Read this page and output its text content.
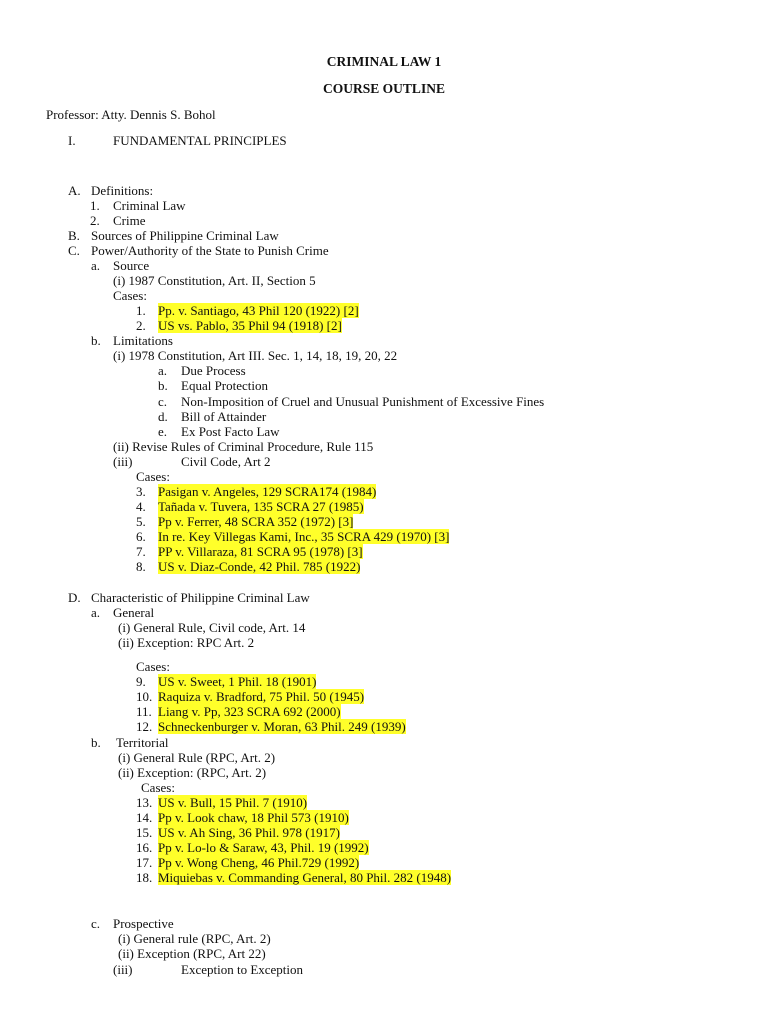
CRIMINAL LAW 1
COURSE OUTLINE
Professor: Atty. Dennis S. Bohol
I.	FUNDAMENTAL PRINCIPLES
A. Definitions:
1. Criminal Law
2. Crime
B. Sources of Philippine Criminal Law
C. Power/Authority of the State to Punish Crime
a. Source
(i) 1987 Constitution, Art. II, Section 5
Cases:
1. Pp. v. Santiago, 43 Phil 120 (1922) [2]
2. US vs. Pablo, 35 Phil 94 (1918) [2]
b. Limitations
(i) 1978 Constitution, Art III. Sec. 1, 14, 18, 19, 20, 22
a. Due Process
b. Equal Protection
c. Non-Imposition of Cruel and Unusual Punishment of Excessive Fines
d. Bill of Attainder
e. Ex Post Facto Law
(ii) Revise Rules of Criminal Procedure, Rule 115
(iii)	Civil Code, Art 2
Cases:
3. Pasigan v. Angeles, 129 SCRA174 (1984)
4. Tañada v. Tuvera, 135 SCRA 27 (1985)
5. Pp v. Ferrer, 48 SCRA 352 (1972) [3]
6. In re. Key Villegas Kami, Inc., 35 SCRA 429 (1970) [3]
7. PP v. Villaraza, 81 SCRA 95 (1978) [3]
8. US v. Diaz-Conde, 42 Phil. 785 (1922)
D. Characteristic of Philippine Criminal Law
a. General
(i) General Rule, Civil code, Art. 14
(ii) Exception: RPC Art. 2
Cases:
9. US v. Sweet, 1 Phil. 18 (1901)
10. Raquiza v. Bradford, 75 Phil. 50 (1945)
11. Liang v. Pp, 323 SCRA 692 (2000)
12. Schneckenburger v. Moran, 63 Phil. 249 (1939)
b. Territorial
(i) General Rule (RPC, Art. 2)
(ii) Exception: (RPC, Art. 2)
Cases:
13. US v. Bull, 15 Phil. 7 (1910)
14. Pp v. Look chaw, 18 Phil 573 (1910)
15. US v. Ah Sing, 36 Phil. 978 (1917)
16. Pp v. Lo-lo & Saraw, 43, Phil. 19 (1992)
17. Pp v. Wong Cheng, 46 Phil.729 (1992)
18. Miquiebas v. Commanding General, 80 Phil. 282 (1948)
c. Prospective
(i) General rule (RPC, Art. 2)
(ii) Exception (RPC, Art 22)
(iii)	Exception to Exception
